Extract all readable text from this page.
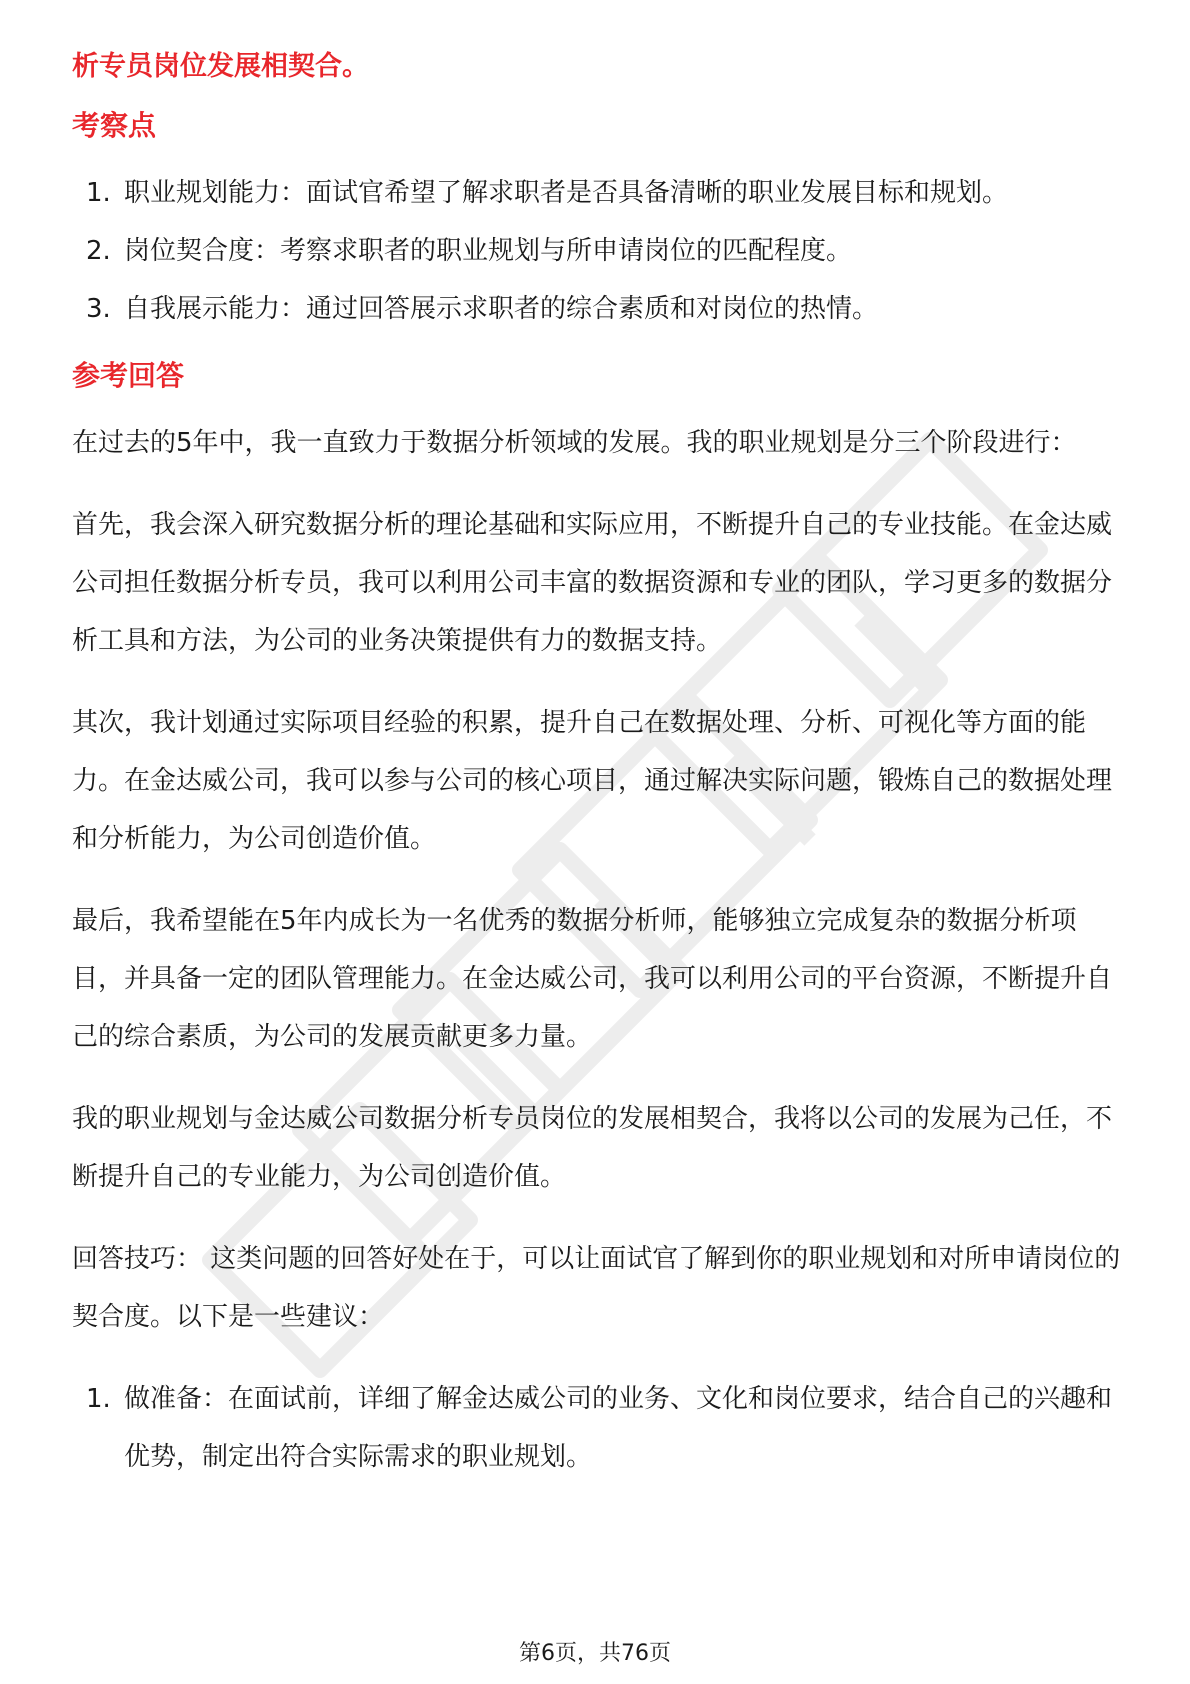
析专员岗位发展相契合。

考察点
1. 职业规划能力：面试官希望了解求职者是否具备清晰的职业发展目标和规划。
2. 岗位契合度：考察求职者的职业规划与所申请岗位的匹配程度。
3. 自我展示能力：通过回答展示求职者的综合素质和对岗位的热情。
参考回答

在过去的5年中，我一直致力于数据分析领域的发展。我的职业规划是分三个阶段进行：

首先，我会深入研究数据分析的理论基础和实际应用，不断提升自己的专业技能。在金达威公司担任数据分析专员，我可以利用公司丰富的数据资源和专业的团队，学习更多的数据分析工具和方法，为公司的业务决策提供有力的数据支持。

其次，我计划通过实际项目经验的积累，提升自己在数据处理、分析、可视化等方面的能力。在金达威公司，我可以参与公司的核心项目，通过解决实际问题，锻炼自己的数据处理和分析能力，为公司创造价值。

最后，我希望能在5年内成长为一名优秀的数据分析师，能够独立完成复杂的数据分析项目，并具备一定的团队管理能力。在金达威公司，我可以利用公司的平台资源，不断提升自己的综合素质，为公司的发展贡献更多力量。

我的职业规划与金达威公司数据分析专员岗位的发展相契合，我将以公司的发展为己任，不断提升自己的专业能力，为公司创造价值。

回答技巧： 这类问题的回答好处在于，可以让面试官了解到你的职业规划和对所申请岗位的契合度。以下是一些建议：

1. 做准备：在面试前，详细了解金达威公司的业务、文化和岗位要求，结合自己的兴趣和优势，制定出符合实际需求的职业规划。
第6页，共76页
